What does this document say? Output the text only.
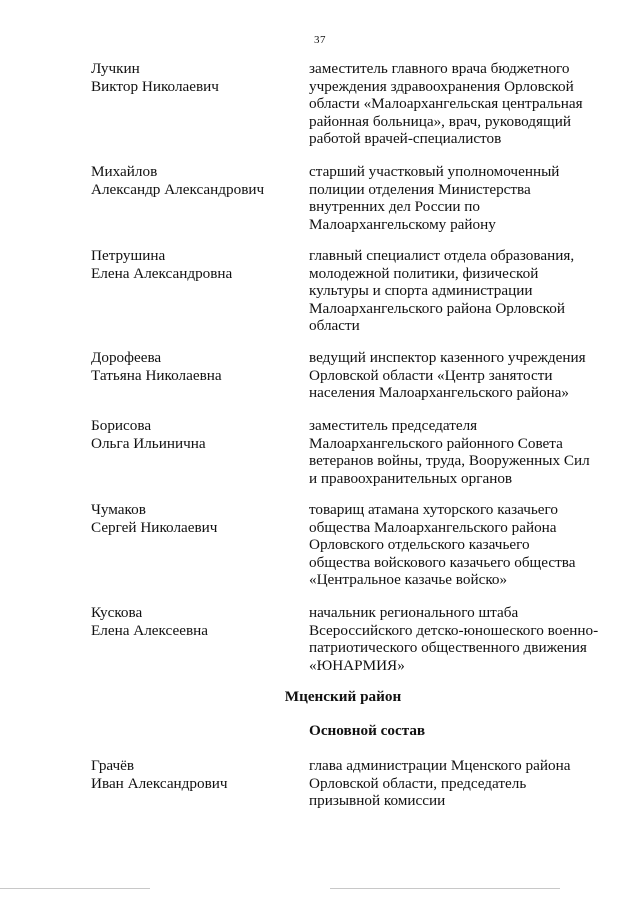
37
Лучкин
Виктор Николаевич
заместитель главного врача бюджетного
учреждения здравоохранения Орловской
области «Малоархангельская центральная
районная больница», врач, руководящий
работой врачей-специалистов
Михайлов
Александр Александрович
старший участковый уполномоченный
полиции отделения Министерства
внутренних дел России по
Малоархангельскому району
Петрушина
Елена Александровна
главный специалист отдела образования,
молодежной политики, физической
культуры и спорта администрации
Малоархангельского района Орловской
области
Дорофеева
Татьяна Николаевна
ведущий инспектор казенного учреждения
Орловской области «Центр занятости
населения Малоархангельского района»
Борисова
Ольга Ильинична
заместитель председателя
Малоархангельского районного Совета
ветеранов войны, труда, Вооруженных Сил
и правоохранительных органов
Чумаков
Сергей Николаевич
товарищ атамана хуторского казачьего
общества Малоархангельского района
Орловского отдельского казачьего
общества войскового казачьего общества
«Центральное казачье войско»
Кускова
Елена Алексеевна
начальник регионального штаба
Всероссийского детско-юношеского военно-
патриотического общественного движения
«ЮНАРМИЯ»
Мценский район
Основной состав
Грачёв
Иван Александрович
глава администрации Мценского района
Орловской области, председатель
призывной комиссии
